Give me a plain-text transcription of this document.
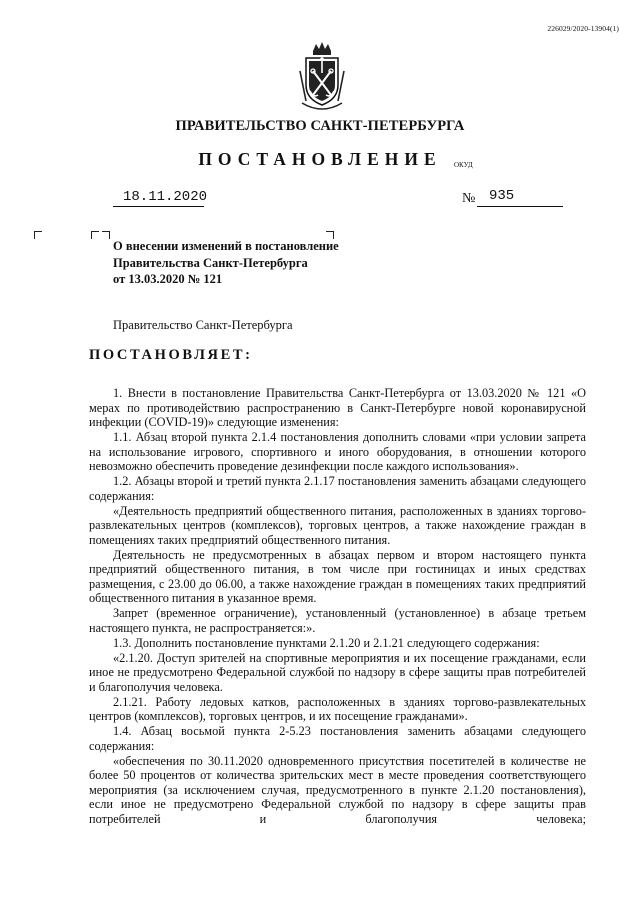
226029/2020-13904(1)
ПРАВИТЕЛЬСТВО САНКТ-ПЕТЕРБУРГА
ПОСТАНОВЛЕНИЕ	ОКУД
18.11.2020	№ 935
О внесении изменений в постановление
Правительства Санкт-Петербурга
от 13.03.2020 № 121
Правительство Санкт-Петербурга
ПОСТАНОВЛЯЕТ:

1. Внести в постановление Правительства Санкт-Петербурга от 13.03.2020 № 121 «О мерах по противодействию распространению в Санкт-Петербурге новой коронавирусной инфекции (COVID-19)» следующие изменения:

1.1. Абзац второй пункта 2.1.4 постановления дополнить словами «при условии запрета на использование игрового, спортивного и иного оборудования, в отношении которого невозможно обеспечить проведение дезинфекции после каждого использования».

1.2. Абзацы второй и третий пункта 2.1.17 постановления заменить абзацами следующего содержания:

«Деятельность предприятий общественного питания, расположенных в зданиях торгово-развлекательных центров (комплексов), торговых центров, а также нахождение граждан в помещениях таких предприятий общественного питания.

Деятельность не предусмотренных в абзацах первом и втором настоящего пункта предприятий общественного питания, в том числе при гостиницах и иных средствах размещения, с 23.00 до 06.00, а также нахождение граждан в помещениях таких предприятий общественного питания в указанное время.

Запрет (временное ограничение), установленный (установленное) в абзаце третьем настоящего пункта, не распространяется:».

1.3. Дополнить постановление пунктами 2.1.20 и 2.1.21 следующего содержания:

«2.1.20. Доступ зрителей на спортивные мероприятия и их посещение гражданами, если иное не предусмотрено Федеральной службой по надзору в сфере защиты прав потребителей и благополучия человека.

2.1.21. Работу ледовых катков, расположенных в зданиях торгово-развлекательных центров (комплексов), торговых центров, и их посещение гражданами».

1.4. Абзац восьмой пункта 2-5.23 постановления заменить абзацами следующего содержания:

«обеспечения по 30.11.2020 одновременного присутствия посетителей в количестве не более 50 процентов от количества зрительских мест в месте проведения соответствующего мероприятия (за исключением случая, предусмотренного в пункте 2.1.20 постановления), если иное не предусмотрено Федеральной службой по надзору в сфере защиты прав потребителей и благополучия человека;
